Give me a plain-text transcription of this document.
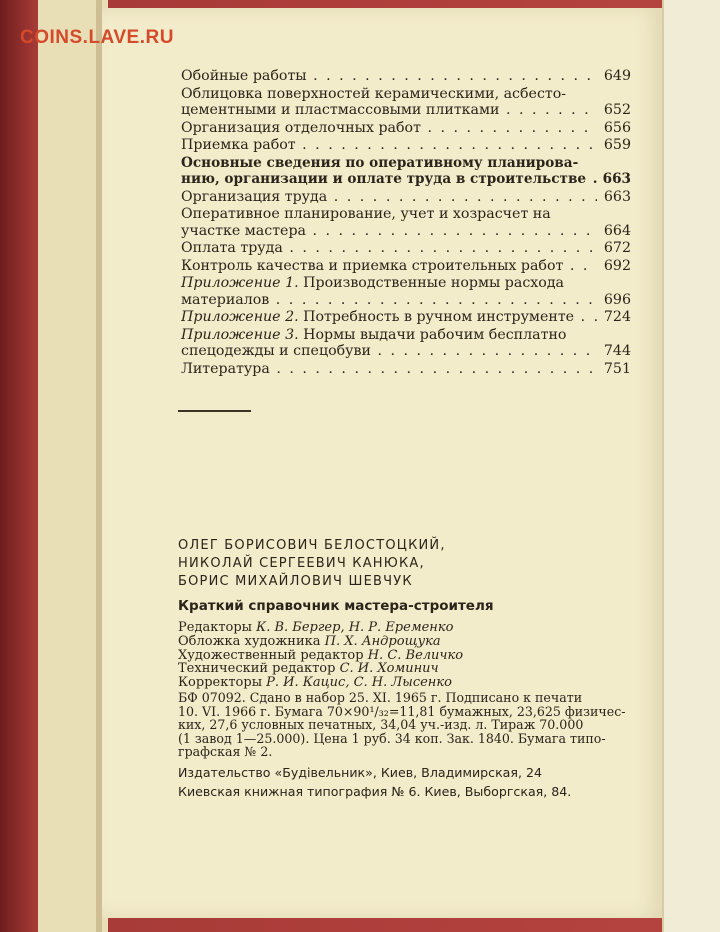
COINS.LAVE.RU
Обойные работы . . .	649
Облицовка поверхностей керамическими, асбесто-
цементными и пластмассовыми плитками . . .	652
Организация отделочных работ . . .	656
Приемка работ . . .	659
Основные сведения по оперативному планирова-
нию, организации и оплате труда в строительстве . . .	663
Организация труда . . .	663
Оперативное планирование, учет и хозрасчет на
участке мастера . . .	664
Оплата труда . . .	672
Контроль качества и приемка строительных работ . . .	692
Приложение 1. Производственные нормы расхода
материалов . . .	696
Приложение 2. Потребность в ручном инструменте . . .	724
Приложение 3. Нормы выдачи рабочим бесплатно
спецодежды и спецобуви . . .	744
Литература . . .	751
ОЛЕГ БОРИСОВИЧ БЕЛОСТОЦКИЙ,
НИКОЛАЙ СЕРГЕЕВИЧ КАНЮКА,
БОРИС МИХАЙЛОВИЧ ШЕВЧУК
Краткий справочник мастера-строителя
Редакторы К. В. Бергер, Н. Р. Еременко
Обложка художника П. Х. Андрощука
Художественный редактор Н. С. Величко
Технический редактор С. И. Хоминич
Корректоры Р. И. Кацис, С. Н. Лысенко
БФ 07092. Сдано в набор 25. XI. 1965 г. Подписано к печати
10. VI. 1966 г. Бумага 70×90¹/₃₂=11,81 бумажных, 23,625 физичес-
ких, 27,6 условных печатных, 34,04 уч.-изд. л. Тираж 70.000
(1 завод 1—25.000). Цена 1 руб. 34 коп. Зак. 1840. Бумага типо-
графская № 2.
Издательство «Будівельник», Киев, Владимирская, 24
Киевская книжная типография № 6. Киев, Выборгская, 84.
